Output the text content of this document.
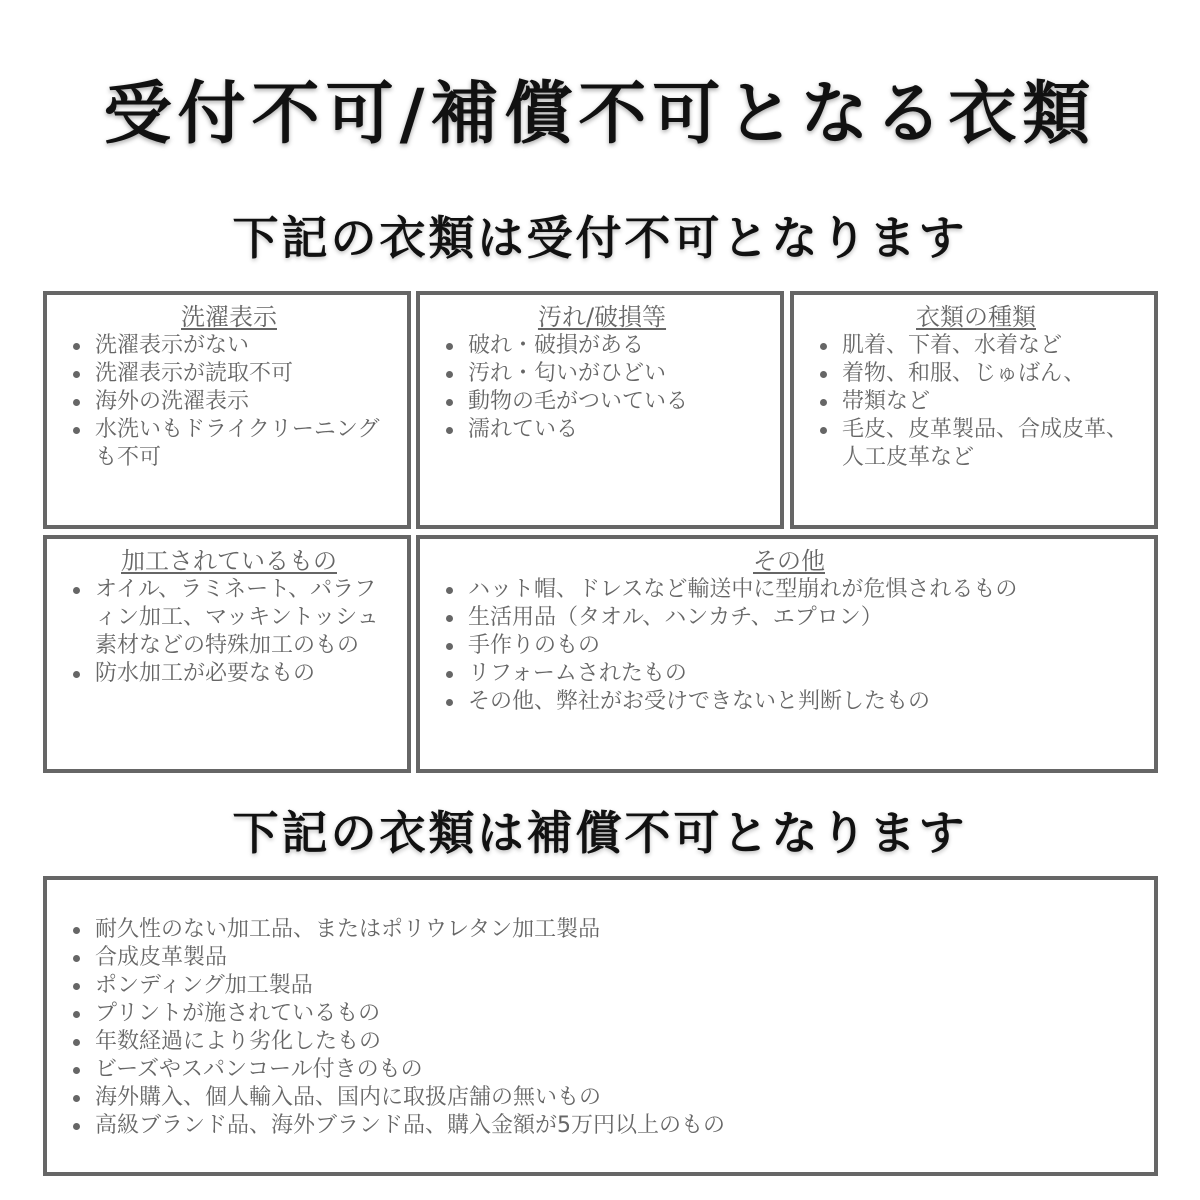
受付不可/補償不可となる衣類
下記の衣類は受付不可となります
洗濯表示
洗濯表示がない
洗濯表示が読取不可
海外の洗濯表示
水洗いもドライクリーニングも不可
汚れ/破損等
破れ・破損がある
汚れ・匂いがひどい
動物の毛がついている
濡れている
衣類の種類
肌着、下着、水着など
着物、和服、じゅばん、
帯類など
毛皮、皮革製品、合成皮革、人工皮革など
加工されているもの
オイル、ラミネート、パラフィン加工、マッキントッシュ素材などの特殊加工のもの
防水加工が必要なもの
その他
ハット帽、ドレスなど輸送中に型崩れが危惧されるもの
生活用品（タオル、ハンカチ、エプロン）
手作りのもの
リフォームされたもの
その他、弊社がお受けできないと判断したもの
下記の衣類は補償不可となります
耐久性のない加工品、またはポリウレタン加工製品
合成皮革製品
ポンディング加工製品
プリントが施されているもの
年数経過により劣化したもの
ビーズやスパンコール付きのもの
海外購入、個人輸入品、国内に取扱店舗の無いもの
高級ブランド品、海外ブランド品、購入金額が5万円以上のもの
